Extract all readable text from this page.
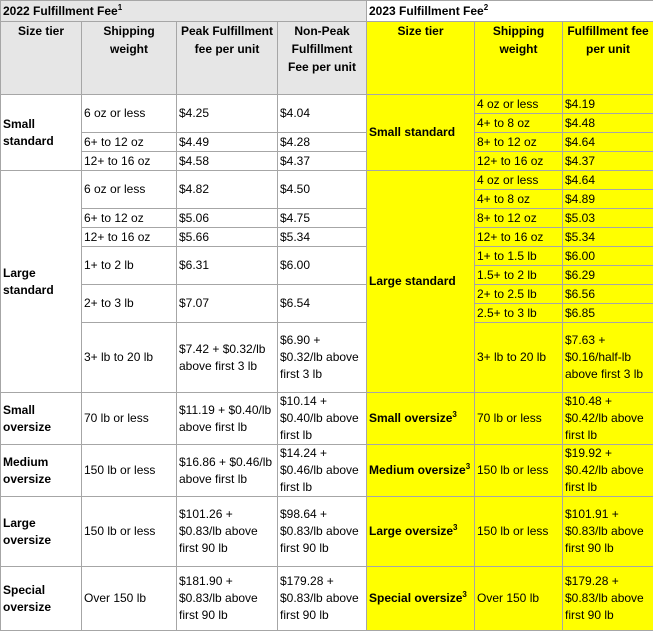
2022 Fulfillment Fee$^1$
Size tier	Shipping weight	Peak Fulfillment fee per unit	Non-Peak Fulfillment Fee per unit
Small standard	6 oz or less	$4.25	$4.04
	6+ to 12 oz	$4.49	$4.28
	12+ to 16 oz	$4.58	$4.37
Large standard	6 oz or less	$4.82	$4.50
	6+ to 12 oz	$5.06	$4.75
	12+ to 16 oz	$5.66	$5.34
	1+ to 2 lb	$6.31	$6.00
	2+ to 3 lb	$7.07	$6.54
	3+ lb to 20 lb	$7.42 + $0.32/lb above first 3 lb	$6.90 + $0.32/lb above first 3 lb
Small oversize	70 lb or less	$11.19 + $0.40/lb above first lb	$10.14 + $0.40/lb above first lb
Medium oversize	150 lb or less	$16.86 + $0.46/lb above first lb	$14.24 + $0.46/lb above first lb
Large oversize	150 lb or less	$101.26 + $0.83/lb above first 90 lb	$98.64 + $0.83/lb above first 90 lb
Special oversize	Over 150 lb	$181.90 + $0.83/lb above first 90 lb	$179.28 + $0.83/lb above first 90 lb
2023 Fulfillment Fee$^2$
Size tier	Shipping weight	Fulfillment fee per unit
Small standard	4 oz or less	$4.19
	4+ to 8 oz	$4.48
	8+ to 12 oz	$4.64
	12+ to 16 oz	$4.37
Large standard	4 oz or less	$4.64
	4+ to 8 oz	$4.89
	8+ to 12 oz	$5.03
	12+ to 16 oz	$5.34
	1+ to 1.5 lb	$6.00
	1.5+ to 2 lb	$6.29
	2+ to 2.5 lb	$6.56
	2.5+ to 3 lb	$6.85
	3+ lb to 20 lb	$7.63 + $0.16/half-lb above first 3 lb
Small oversize$^3$	70 lb or less	$10.48 + $0.42/lb above first lb
Medium oversize$^3$	150 lb or less	$19.92 + $0.42/lb above first lb
Large oversize$^3$	150 lb or less	$101.91 + $0.83/lb above first 90 lb
Special oversize$^3$	Over 150 lb	$179.28 + $0.83/lb above first 90 lb
